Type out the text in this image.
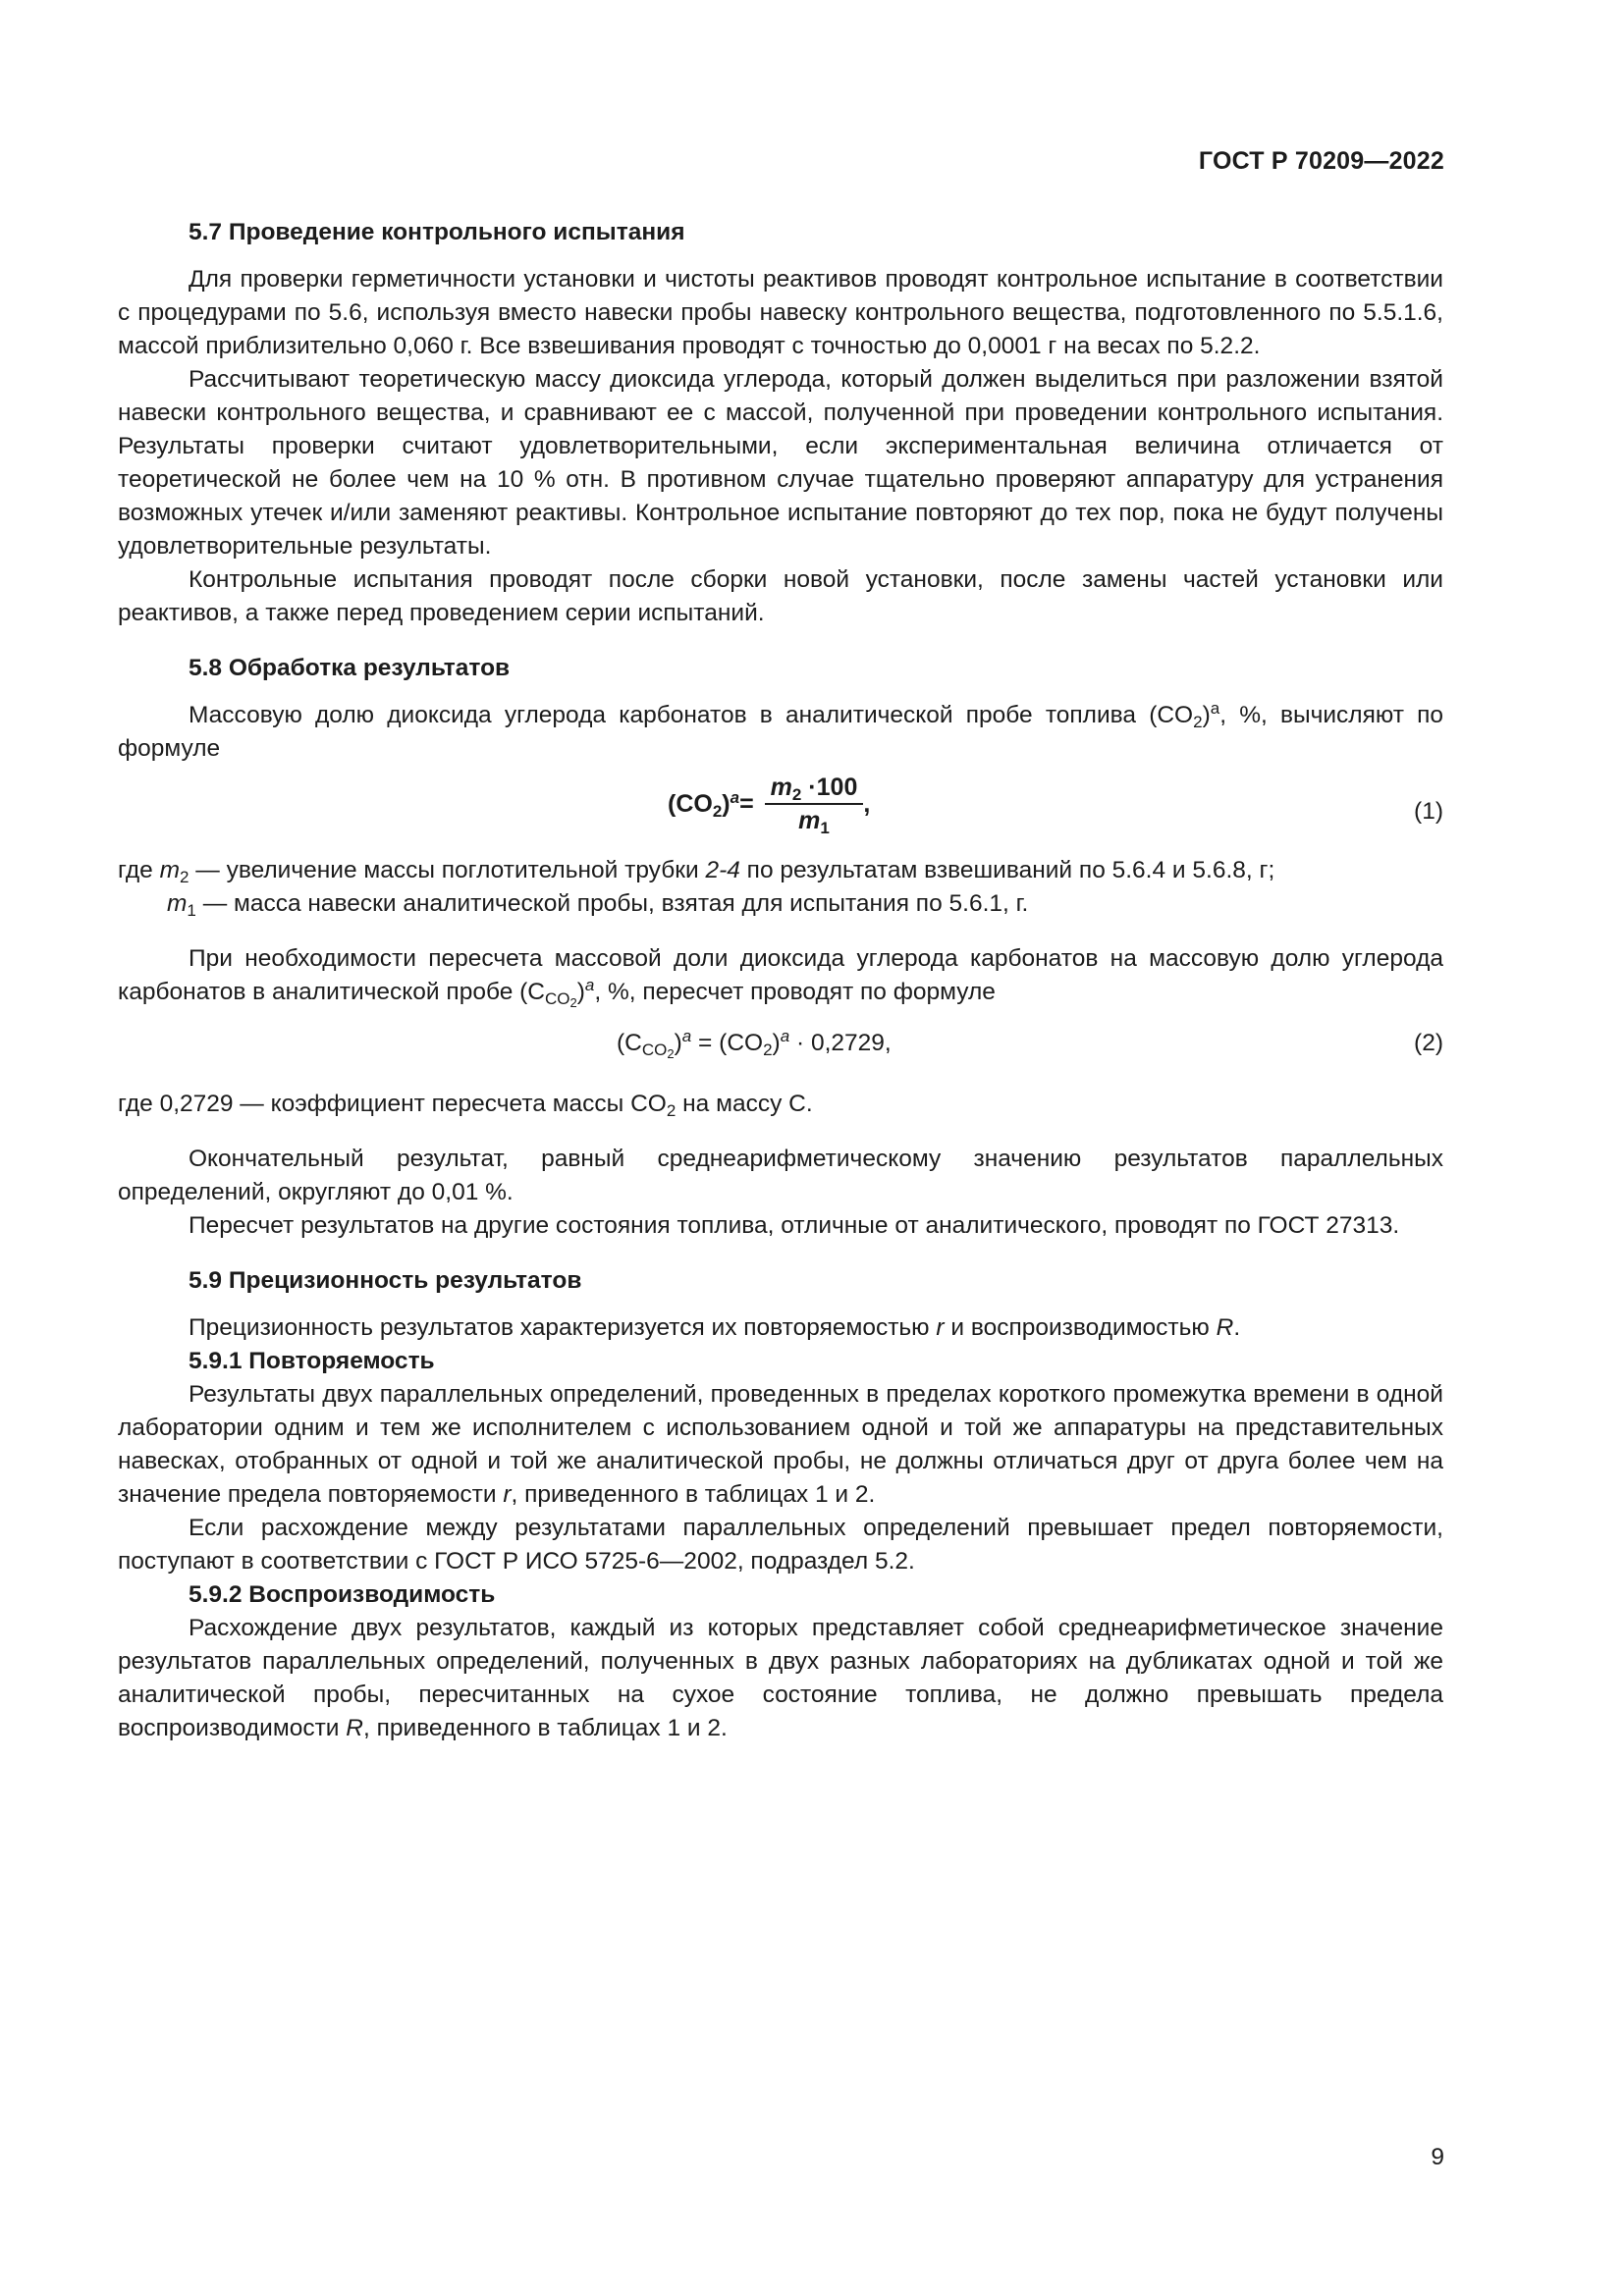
ГОСТ Р 70209—2022

5.7 Проведение контрольного испытания

Для проверки герметичности установки и чистоты реактивов проводят контрольное испытание в соответствии с процедурами по 5.6, используя вместо навески пробы навеску контрольного вещества, подготовленного по 5.5.1.6, массой приблизительно 0,060 г. Все взвешивания проводят с точностью до 0,0001 г на весах по 5.2.2.

Рассчитывают теоретическую массу диоксида углерода, который должен выделиться при разложении взятой навески контрольного вещества, и сравнивают ее с массой, полученной при проведении контрольного испытания. Результаты проверки считают удовлетворительными, если экспериментальная величина отличается от теоретической не более чем на 10 % отн. В противном случае тщательно проверяют аппаратуру для устранения возможных утечек и/или заменяют реактивы. Контрольное испытание повторяют до тех пор, пока не будут получены удовлетворительные результаты.

Контрольные испытания проводят после сборки новой установки, после замены частей установки или реактивов, а также перед проведением серии испытаний.

5.8 Обработка результатов

Массовую долю диоксида углерода карбонатов в аналитической пробе топлива $(CO_2)^a$, %, вычисляют по формуле

$(CO_2)^a= \frac{m_2 \cdot 100}{m_1}$ ,	(1)
где $m_2$ — увеличение массы поглотительной трубки 2-4 по результатам взвешиваний по 5.6.4 и 5.6.8, г;
$m_1$ — масса навески аналитической пробы, взятая для испытания по 5.6.1, г.

При необходимости пересчета массовой доли диоксида углерода карбонатов на массовую долю углерода карбонатов в аналитической пробе $(C_{CO2})^a$, %, пересчет проводят по формуле

$(C_{CO2})^a = (CO_2)^a \cdot 0,2729$,	(2)

где 0,2729 — коэффициент пересчета массы $CO_2$ на массу C.

Окончательный результат, равный среднеарифметическому значению результатов параллельных определений, округляют до 0,01 %.

Пересчет результатов на другие состояния топлива, отличные от аналитического, проводят по ГОСТ 27313.

5.9 Прецизионность результатов

Прецизионность результатов характеризуется их повторяемостью r и воспроизводимостью R.

5.9.1 Повторяемость

Результаты двух параллельных определений, проведенных в пределах короткого промежутка времени в одной лаборатории одним и тем же исполнителем с использованием одной и той же аппаратуры на представительных навесках, отобранных от одной и той же аналитической пробы, не должны отличаться друг от друга более чем на значение предела повторяемости r, приведенного в таблицах 1 и 2.

Если расхождение между результатами параллельных определений превышает предел повторяемости, поступают в соответствии с ГОСТ Р ИСО 5725-6—2002, подраздел 5.2.

5.9.2 Воспроизводимость

Расхождение двух результатов, каждый из которых представляет собой среднеарифметическое значение результатов параллельных определений, полученных в двух разных лабораториях на дубликатах одной и той же аналитической пробы, пересчитанных на сухое состояние топлива, не должно превышать предела воспроизводимости R, приведенного в таблицах 1 и 2.

9
